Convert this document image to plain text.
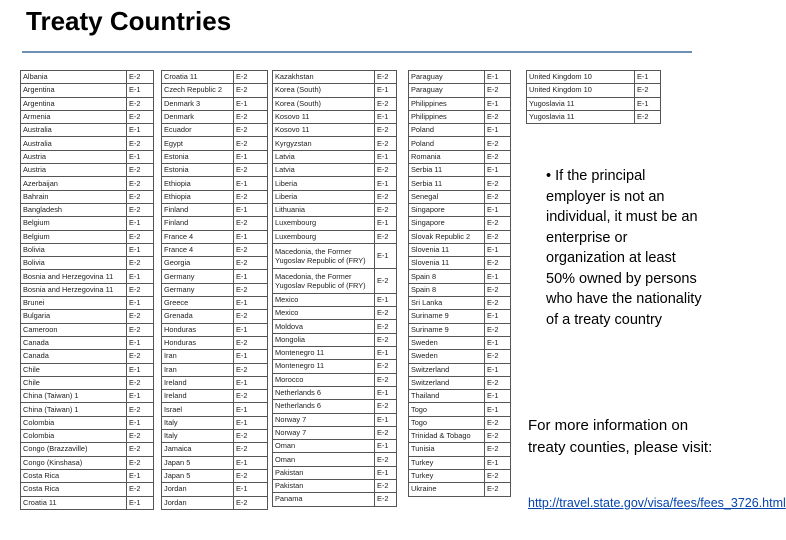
Treaty Countries
Albania	E-2
Argentina	E-1
Argentina	E-2
Armenia	E-2
Australia	E-1
Australia	E-2
Austria	E-1
Austria	E-2
Azerbaijan	E-2
Bahrain	E-2
Bangladesh	E-2
Belgium	E-1
Belgium	E-2
Bolivia	E-1
Bolivia	E-2
Bosnia and Herzegovina 11	E-1
Bosnia and Herzegovina 11	E-2
Brunei	E-1
Bulgaria	E-2
Cameroon	E-2
Canada	E-1
Canada	E-2
Chile	E-1
Chile	E-2
China (Taiwan) 1	E-1
China (Taiwan) 1	E-2
Colombia	E-1
Colombia	E-2
Congo (Brazzaville)	E-2
Congo (Kinshasa)	E-2
Costa Rica	E-1
Costa Rica	E-2
Croatia 11	E-1
Croatia 11	E-2
Czech Republic 2	E-2
Denmark 3	E-1
Denmark	E-2
Ecuador	E-2
Egypt	E-2
Estonia	E-1
Estonia	E-2
Ethiopia	E-1
Ethiopia	E-2
Finland	E-1
Finland	E-2
France 4	E-1
France 4	E-2
Georgia	E-2
Germany	E-1
Germany	E-2
Greece	E-1
Grenada	E-2
Honduras	E-1
Honduras	E-2
Iran	E-1
Iran	E-2
Ireland	E-1
Ireland	E-2
Israel	E-1
Italy	E-1
Italy	E-2
Jamaica	E-2
Japan 5	E-1
Japan 5	E-2
Jordan	E-1
Jordan	E-2
Kazakhstan	E-2
Korea (South)	E-1
Korea (South)	E-2
Kosovo 11	E-1
Kosovo 11	E-2
Kyrgyzstan	E-2
Latvia	E-1
Latvia	E-2
Liberia	E-1
Liberia	E-2
Lithuania	E-2
Luxembourg	E-1
Luxembourg	E-2
Macedonia, the Former Yugoslav Republic of (FRY)	E-1
Macedonia, the Former Yugoslav Republic of (FRY)	E-2
Mexico	E-1
Mexico	E-2
Moldova	E-2
Mongolia	E-2
Montenegro 11	E-1
Montenegro 11	E-2
Morocco	E-2
Netherlands 6	E-1
Netherlands 6	E-2
Norway 7	E-1
Norway 7	E-2
Oman	E-1
Oman	E-2
Pakistan	E-1
Pakistan	E-2
Panama	E-2
Paraguay	E-1
Paraguay	E-2
Philippines	E-1
Philippines	E-2
Poland	E-1
Poland	E-2
Romania	E-2
Serbia 11	E-1
Serbia 11	E-2
Senegal	E-2
Singapore	E-1
Singapore	E-2
Slovak Republic 2	E-2
Slovenia 11	E-1
Slovenia 11	E-2
Spain 8	E-1
Spain 8	E-2
Sri Lanka	E-2
Suriname 9	E-1
Suriname 9	E-2
Sweden	E-1
Sweden	E-2
Switzerland	E-1
Switzerland	E-2
Thailand	E-1
Togo	E-1
Togo	E-2
Trinidad & Tobago	E-2
Tunisia	E-2
Turkey	E-1
Turkey	E-2
Ukraine	E-2
United Kingdom 10	E-1
United Kingdom 10	E-2
Yugoslavia 11	E-1
Yugoslavia 11	E-2
• If the principal employer is not an individual, it must be an enterprise or organization at least 50% owned by persons who have the nationality of a treaty country
For more information on treaty counties, please visit:
http://travel.state.gov/visa/fees/fees_3726.html
